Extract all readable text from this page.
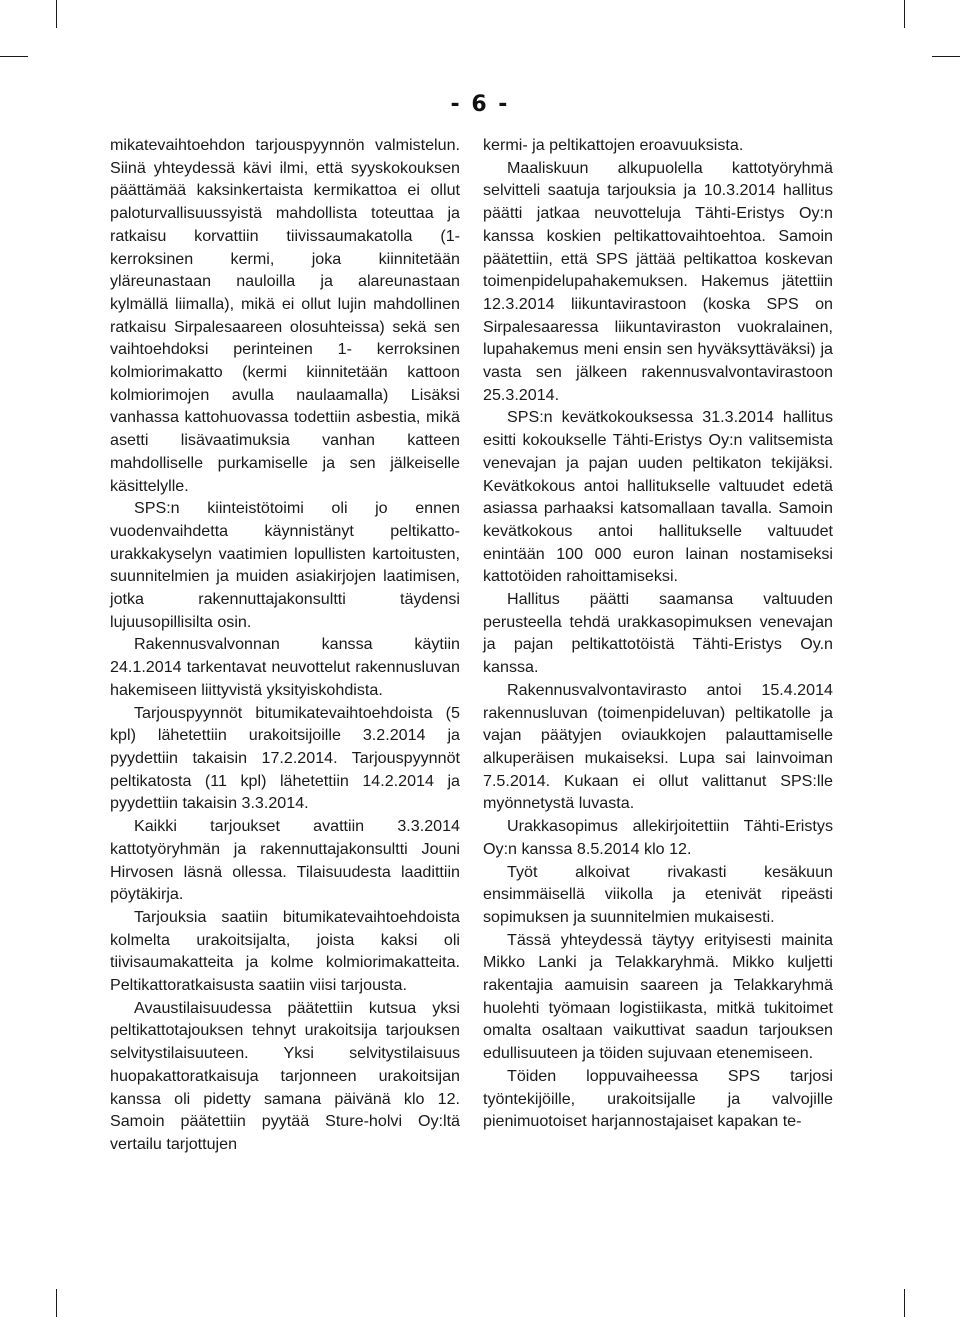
- 6 -

mikatevaihtoehdon tarjouspyynnön valmistelun. Siinä yhteydessä kävi ilmi, että syyskokouksen päättämää kaksinkertaista kermikattoa ei ollut paloturvallisuussyistä mahdollista toteuttaa ja ratkaisu korvattiin tiivissaumakatolla (1-kerroksinen kermi, joka kiinnitetään yläreunastaan nauloilla ja alareunastaan kylmällä liimalla), mikä ei ollut lujin mahdollinen ratkaisu Sirpalesaareen olosuhteissa) sekä sen vaihtoehdoksi perinteinen 1- kerroksinen kolmiorimakatto (kermi kiinnitetään kattoon kolmiorimojen avulla naulaamalla) Lisäksi vanhassa kattohuovassa todettiin asbestia, mikä asetti lisävaatimuksia vanhan katteen mahdolliselle purkamiselle ja sen jälkeiselle käsittelylle.

SPS:n kiinteistötoimi oli jo ennen vuodenvaihdetta käynnistänyt peltikatto-urakkakyselyn vaatimien lopullisten kartoitusten, suunnitelmien ja muiden asiakirjojen laatimisen, jotka rakennuttajakonsultti täydensi lujuusopillisilta osin.

Rakennusvalvonnan kanssa käytiin 24.1.2014 tarkentavat neuvottelut rakennusluvan hakemiseen liittyvistä yksityiskohdista.

Tarjouspyynnöt bitumikatevaihtoehdoista (5 kpl) lähetettiin urakoitsijoille 3.2.2014 ja pyydettiin takaisin 17.2.2014. Tarjouspyynnöt peltikatosta (11 kpl) lähetettiin 14.2.2014 ja pyydettiin takaisin 3.3.2014.

Kaikki tarjoukset avattiin 3.3.2014 kattotyöryhmän ja rakennuttajakonsultti Jouni Hirvosen läsnä ollessa. Tilaisuudesta laadittiin pöytäkirja.

Tarjouksia saatiin bitumikatevaihtoehdoista kolmelta urakoitsijalta, joista kaksi oli tiivisaumakatteita ja kolme kolmiorimakatteita. Peltikattoratkaisusta saatiin viisi tarjousta.

Avaustilaisuudessa päätettiin kutsua yksi peltikattotajouksen tehnyt urakoitsija tarjouksen selvitystilaisuuteen. Yksi selvitystilaisuus huopakattoratkaisuja tarjonneen urakoitsijan kanssa oli pidetty samana päivänä klo 12. Samoin päätettiin pyytää Sture-holvi Oy:ltä vertailu tarjottujen

kermi- ja peltikattojen eroavuuksista.

Maaliskuun alkupuolella kattotyöryhmä selvitteli saatuja tarjouksia ja 10.3.2014 hallitus päätti jatkaa neuvotteluja Tähti-Eristys Oy:n kanssa koskien peltikattovaihtoehtoa. Samoin päätettiin, että SPS jättää peltikattoa koskevan toimenpidelupahakemuksen. Hakemus jätettiin 12.3.2014 liikuntavirastoon (koska SPS on Sirpalesaaressa liikuntaviraston vuokralainen, lupahakemus meni ensin sen hyväksyttäväksi) ja vasta sen jälkeen rakennusvalvontavirastoon 25.3.2014.

SPS:n kevätkokouksessa 31.3.2014 hallitus esitti kokoukselle Tähti-Eristys Oy:n valitsemista venevajan ja pajan uuden peltikaton tekijäksi. Kevätkokous antoi hallitukselle valtuudet edetä asiassa parhaaksi katsomallaan tavalla. Samoin kevätkokous antoi hallitukselle valtuudet enintään 100 000 euron lainan nostamiseksi kattotöiden rahoittamiseksi.

Hallitus päätti saamansa valtuuden perusteella tehdä urakkasopimuksen venevajan ja pajan peltikattotöistä Tähti-Eristys Oy.n kanssa.

Rakennusvalvontavirasto antoi 15.4.2014 rakennusluvan (toimenpideluvan) peltikatolle ja vajan päätyjen oviaukkojen palauttamiselle alkuperäisen mukaiseksi. Lupa sai lainvoiman 7.5.2014. Kukaan ei ollut valittanut SPS:lle myönnetystä luvasta.

Urakkasopimus allekirjoitettiin Tähti-Eristys Oy:n kanssa 8.5.2014 klo 12.

Työt alkoivat rivakasti kesäkuun ensimmäisellä viikolla ja etenivät ripeästi sopimuksen ja suunnitelmien mukaisesti.

Tässä yhteydessä täytyy erityisesti mainita Mikko Lanki ja Telakkaryhmä. Mikko kuljetti rakentajia aamuisin saareen ja Telakkaryhmä huolehti työmaan logistiikasta, mitkä tukitoimet omalta osaltaan vaikuttivat saadun tarjouksen edullisuuteen ja töiden sujuvaan etenemiseen.

Töiden loppuvaiheessa SPS tarjosi työntekijöille, urakoitsijalle ja valvojille pienimuotoiset harjannostajaiset kapakan te-
